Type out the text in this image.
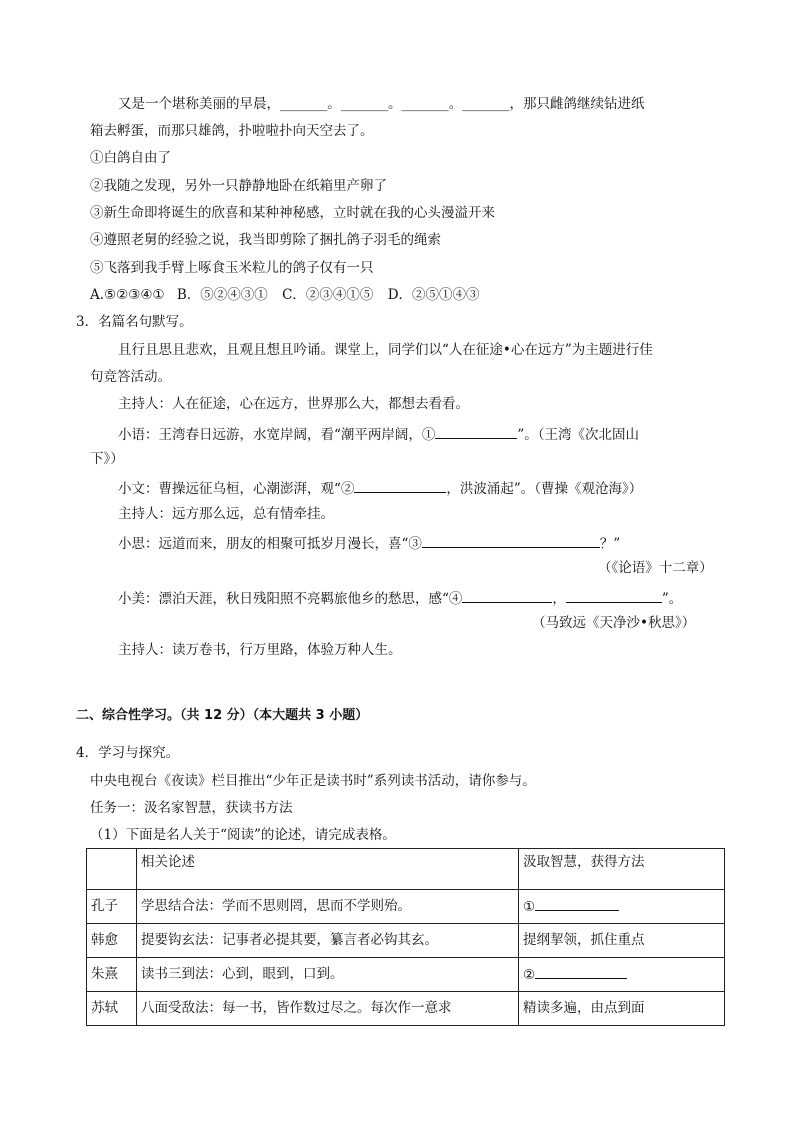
又是一个堪称美丽的早晨，_______。_______。_______。_______，那只雌鸽继续钻进纸
箱去孵蛋，而那只雄鸽，扑啦啦扑向天空去了。
①白鸽自由了
②我随之发现，另外一只静静地卧在纸箱里产卵了
③新生命即将诞生的欣喜和某种神秘感，立时就在我的心头漫溢开来
④遵照老舅的经验之说，我当即剪除了捆扎鸽子羽毛的绳索
⑤飞落到我手臂上啄食玉米粒儿的鸽子仅有一只
A.⑤②③④① B．⑤②④③① C．②③④①⑤ D．②⑤①④③
3．名篇名句默写。
且行且思且悲欢，且观且想且吟诵。课堂上，同学们以“人在征途•心在远方”为主题进行佳
句竞答活动。
主持人：人在征途，心在远方，世界那么大，都想去看看。
小语：王湾春日远游，水宽岸阔，看“潮平两岸阔，①	”。（王湾《次北固山
下》）
小文：曹操远征乌桓，心潮澎湃，观“②	，洪波涌起”。（曹操《观沧海》）
主持人：远方那么远，总有情牵挂。
小思：远道而来，朋友的相聚可抵岁月漫长，喜“③	？”
（《论语》十二章）
小美：漂泊天涯，秋日残阳照不亮羁旅他乡的愁思，感“④	，	”。
（马致远《天净沙•秋思》）
主持人：读万卷书，行万里路，体验万种人生。
二、综合性学习。（共 12 分）（本大题共 3 小题）
4．学习与探究。
中央电视台《夜读》栏目推出“少年正是读书时”系列读书活动，请你参与。
任务一：汲名家智慧，获读书方法
（1）下面是名人关于“阅读”的论述，请完成表格。
	相关论述	汲取智慧，获得方法
孔子	学思结合法：学而不思则罔，思而不学则殆。	①
韩愈	提要钩玄法：记事者必提其要，纂言者必钩其玄。	提纲挈领，抓住重点
朱熹	读书三到法：心到，眼到，口到。	②
苏轼	八面受敌法：每一书，皆作数过尽之。每次作一意求	精读多遍，由点到面
